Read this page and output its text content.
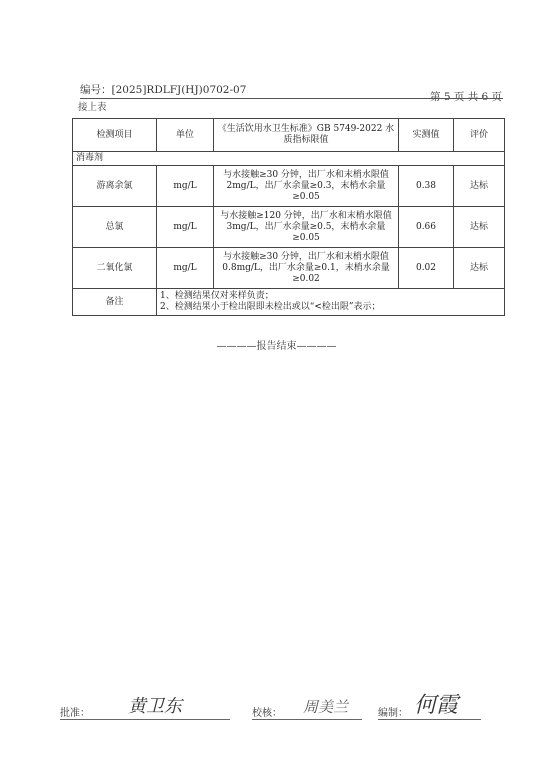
编号：[2025]RDLFJ(HJ)0702-07
第 5 页 共 6 页
接上表
检测项目	单位	《生活饮用水卫生标准》GB 5749-2022 水质指标限值	实测值	评价
消毒剂				
游离余氯	mg/L	与水接触≥30 分钟，出厂水和末梢水限值 2mg/L，出厂水余量≥0.3，末梢水余量≥0.05	0.38	达标
总氯	mg/L	与水接触≥120 分钟，出厂水和末梢水限值 3mg/L，出厂水余量≥0.5，末梢水余量≥0.05	0.66	达标
二氧化氯	mg/L	与水接触≥30 分钟，出厂水和末梢水限值 0.8mg/L，出厂水余量≥0.1，末梢水余量≥0.02	0.02	达标
备注	1、检测结果仅对来样负责；
2、检测结果小于检出限即未检出或以“<检出限”表示；			
————报告结束————
批准： 黄卫东	校核： 周美兰	编制： 何霞
